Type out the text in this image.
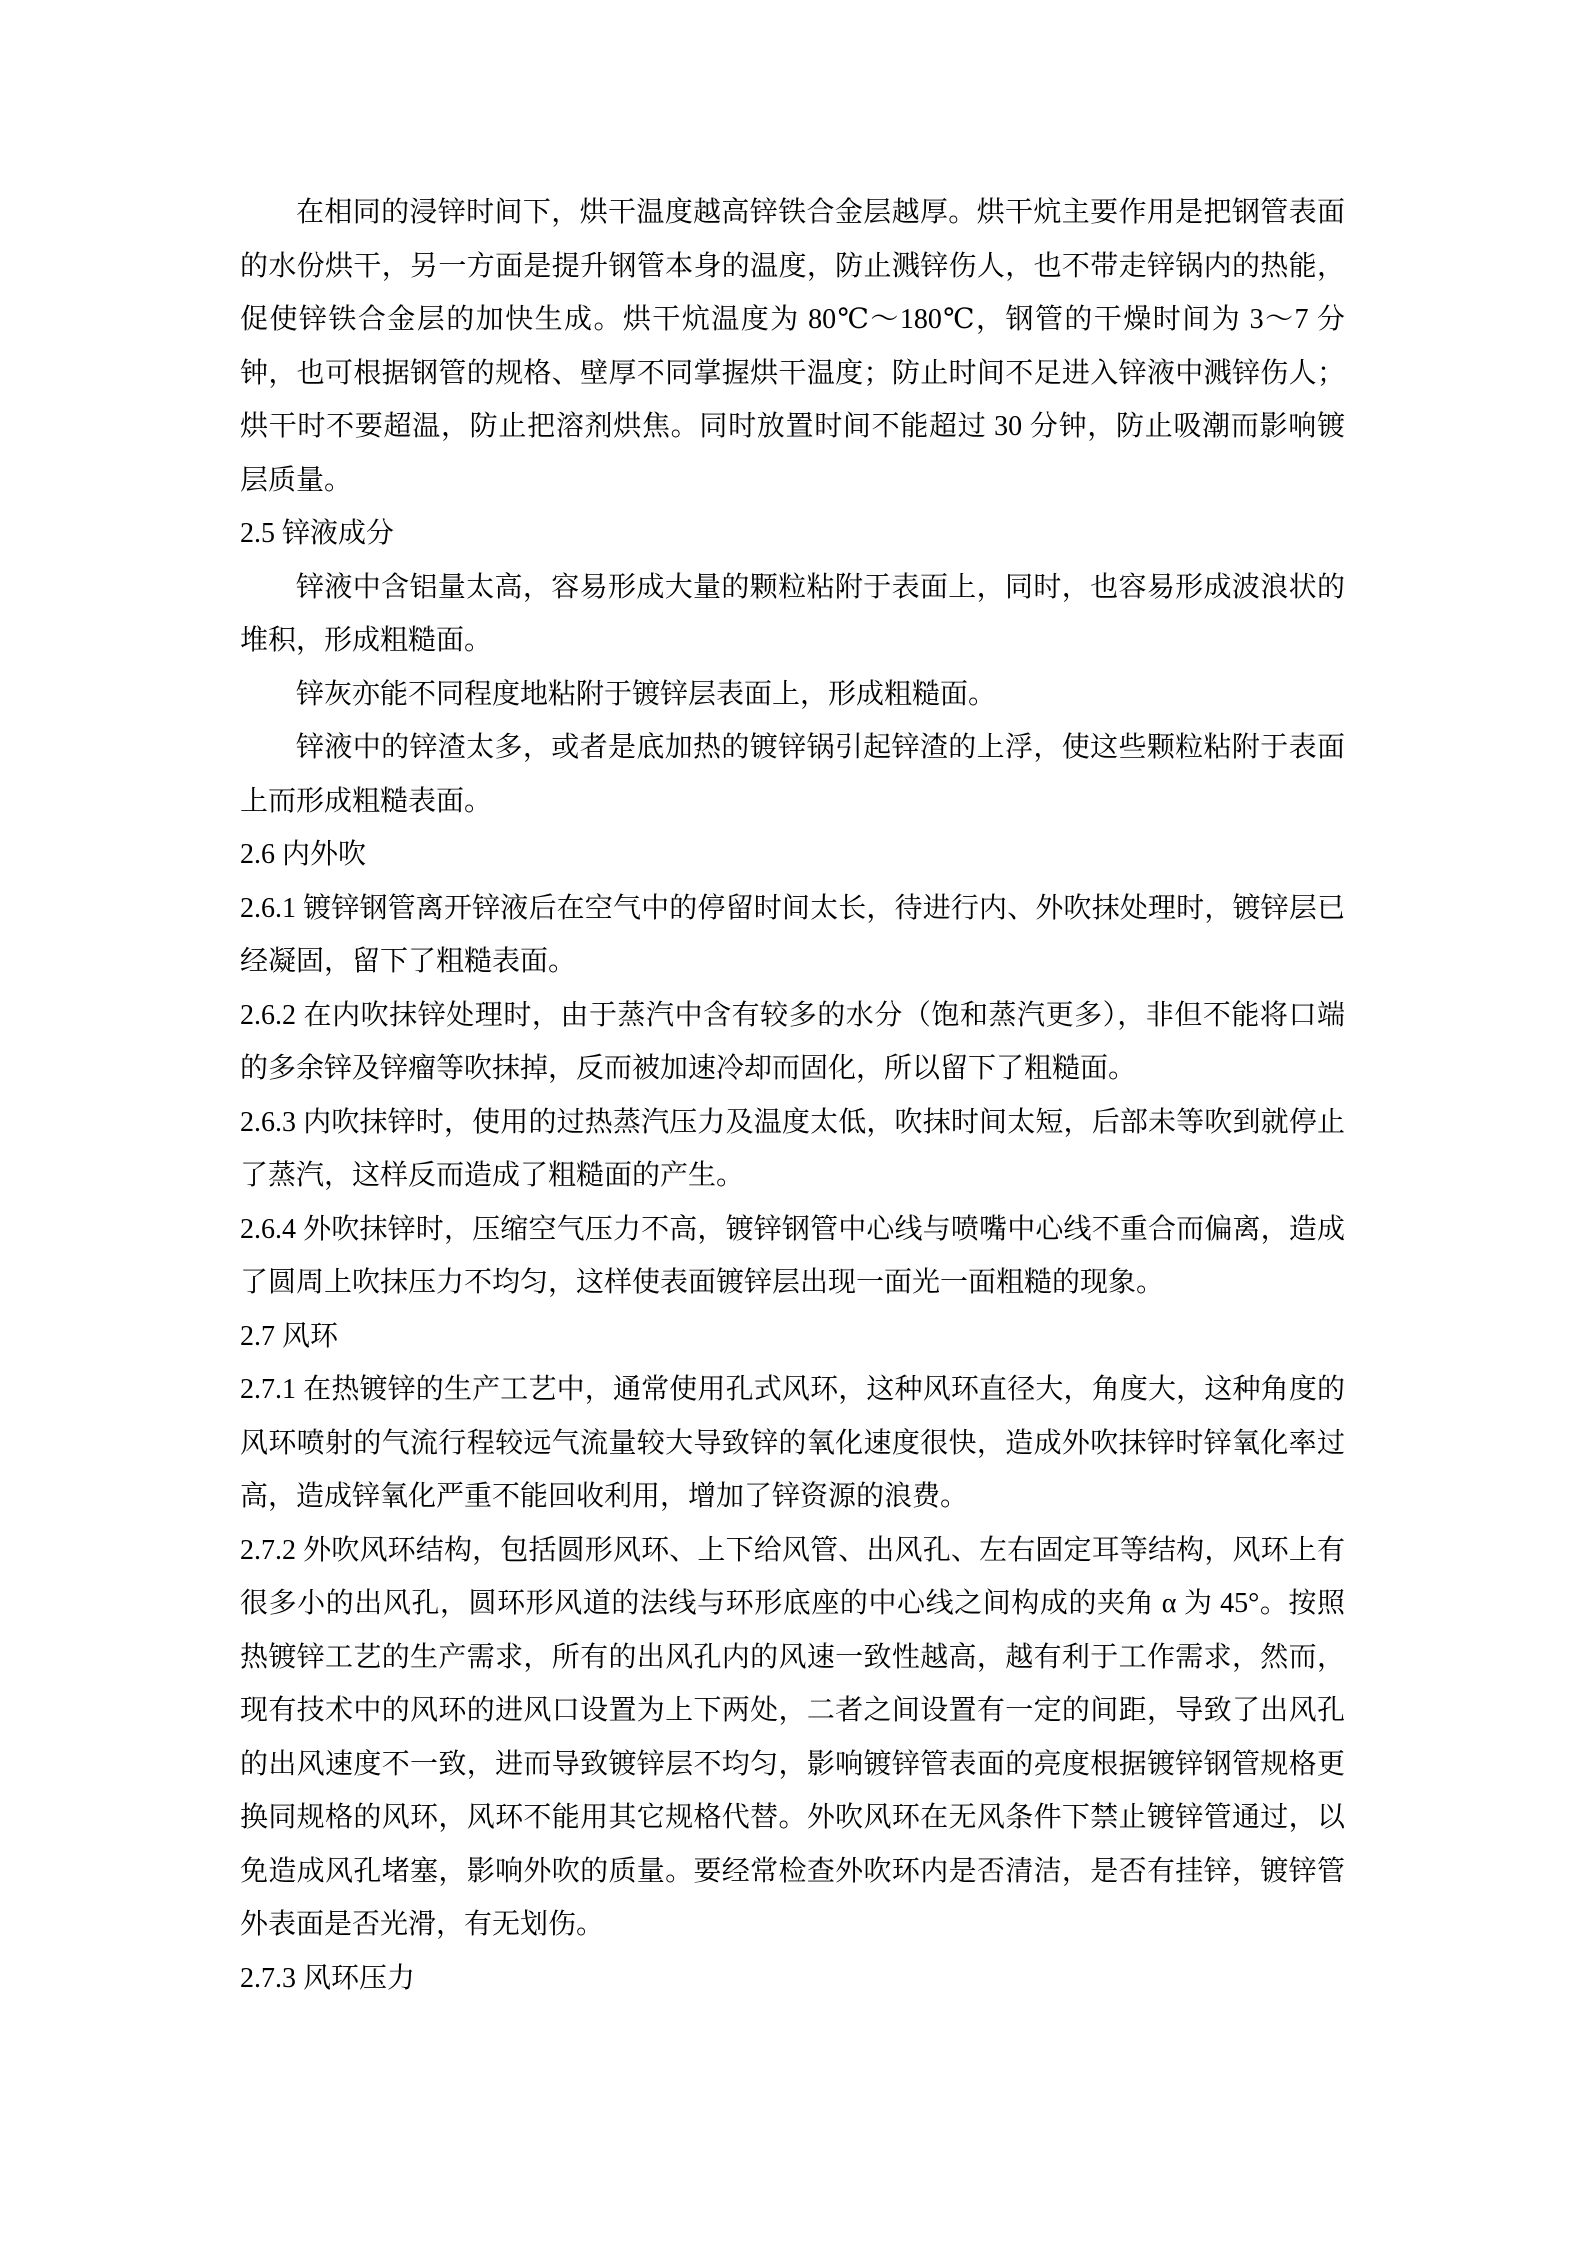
在相同的浸锌时间下，烘干温度越高锌铁合金层越厚。烘干炕主要作用是把钢管表面的水份烘干，另一方面是提升钢管本身的温度，防止溅锌伤人，也不带走锌锅内的热能，促使锌铁合金层的加快生成。烘干炕温度为 80℃～180℃，钢管的干燥时间为 3～7 分钟，也可根据钢管的规格、壁厚不同掌握烘干温度；防止时间不足进入锌液中溅锌伤人；烘干时不要超温，防止把溶剂烘焦。同时放置时间不能超过 30 分钟，防止吸潮而影响镀层质量。

2.5 锌液成分

锌液中含铝量太高，容易形成大量的颗粒粘附于表面上，同时，也容易形成波浪状的堆积，形成粗糙面。

锌灰亦能不同程度地粘附于镀锌层表面上，形成粗糙面。

锌液中的锌渣太多，或者是底加热的镀锌锅引起锌渣的上浮，使这些颗粒粘附于表面上而形成粗糙表面。

2.6 内外吹

2.6.1 镀锌钢管离开锌液后在空气中的停留时间太长，待进行内、外吹抹处理时，镀锌层已经凝固，留下了粗糙表面。

2.6.2 在内吹抹锌处理时，由于蒸汽中含有较多的水分（饱和蒸汽更多），非但不能将口端的多余锌及锌瘤等吹抹掉，反而被加速冷却而固化，所以留下了粗糙面。

2.6.3 内吹抹锌时，使用的过热蒸汽压力及温度太低，吹抹时间太短，后部未等吹到就停止了蒸汽，这样反而造成了粗糙面的产生。

2.6.4 外吹抹锌时，压缩空气压力不高，镀锌钢管中心线与喷嘴中心线不重合而偏离，造成了圆周上吹抹压力不均匀，这样使表面镀锌层出现一面光一面粗糙的现象。

2.7 风环

2.7.1 在热镀锌的生产工艺中，通常使用孔式风环，这种风环直径大，角度大，这种角度的风环喷射的气流行程较远气流量较大导致锌的氧化速度很快，造成外吹抹锌时锌氧化率过高，造成锌氧化严重不能回收利用，增加了锌资源的浪费。

2.7.2 外吹风环结构，包括圆形风环、上下给风管、出风孔、左右固定耳等结构，风环上有很多小的出风孔，圆环形风道的法线与环形底座的中心线之间构成的夹角 α 为 45°。按照热镀锌工艺的生产需求，所有的出风孔内的风速一致性越高，越有利于工作需求，然而，现有技术中的风环的进风口设置为上下两处，二者之间设置有一定的间距，导致了出风孔的出风速度不一致，进而导致镀锌层不均匀，影响镀锌管表面的亮度根据镀锌钢管规格更换同规格的风环，风环不能用其它规格代替。外吹风环在无风条件下禁止镀锌管通过，以免造成风孔堵塞，影响外吹的质量。要经常检查外吹环内是否清洁，是否有挂锌，镀锌管外表面是否光滑，有无划伤。

2.7.3 风环压力
